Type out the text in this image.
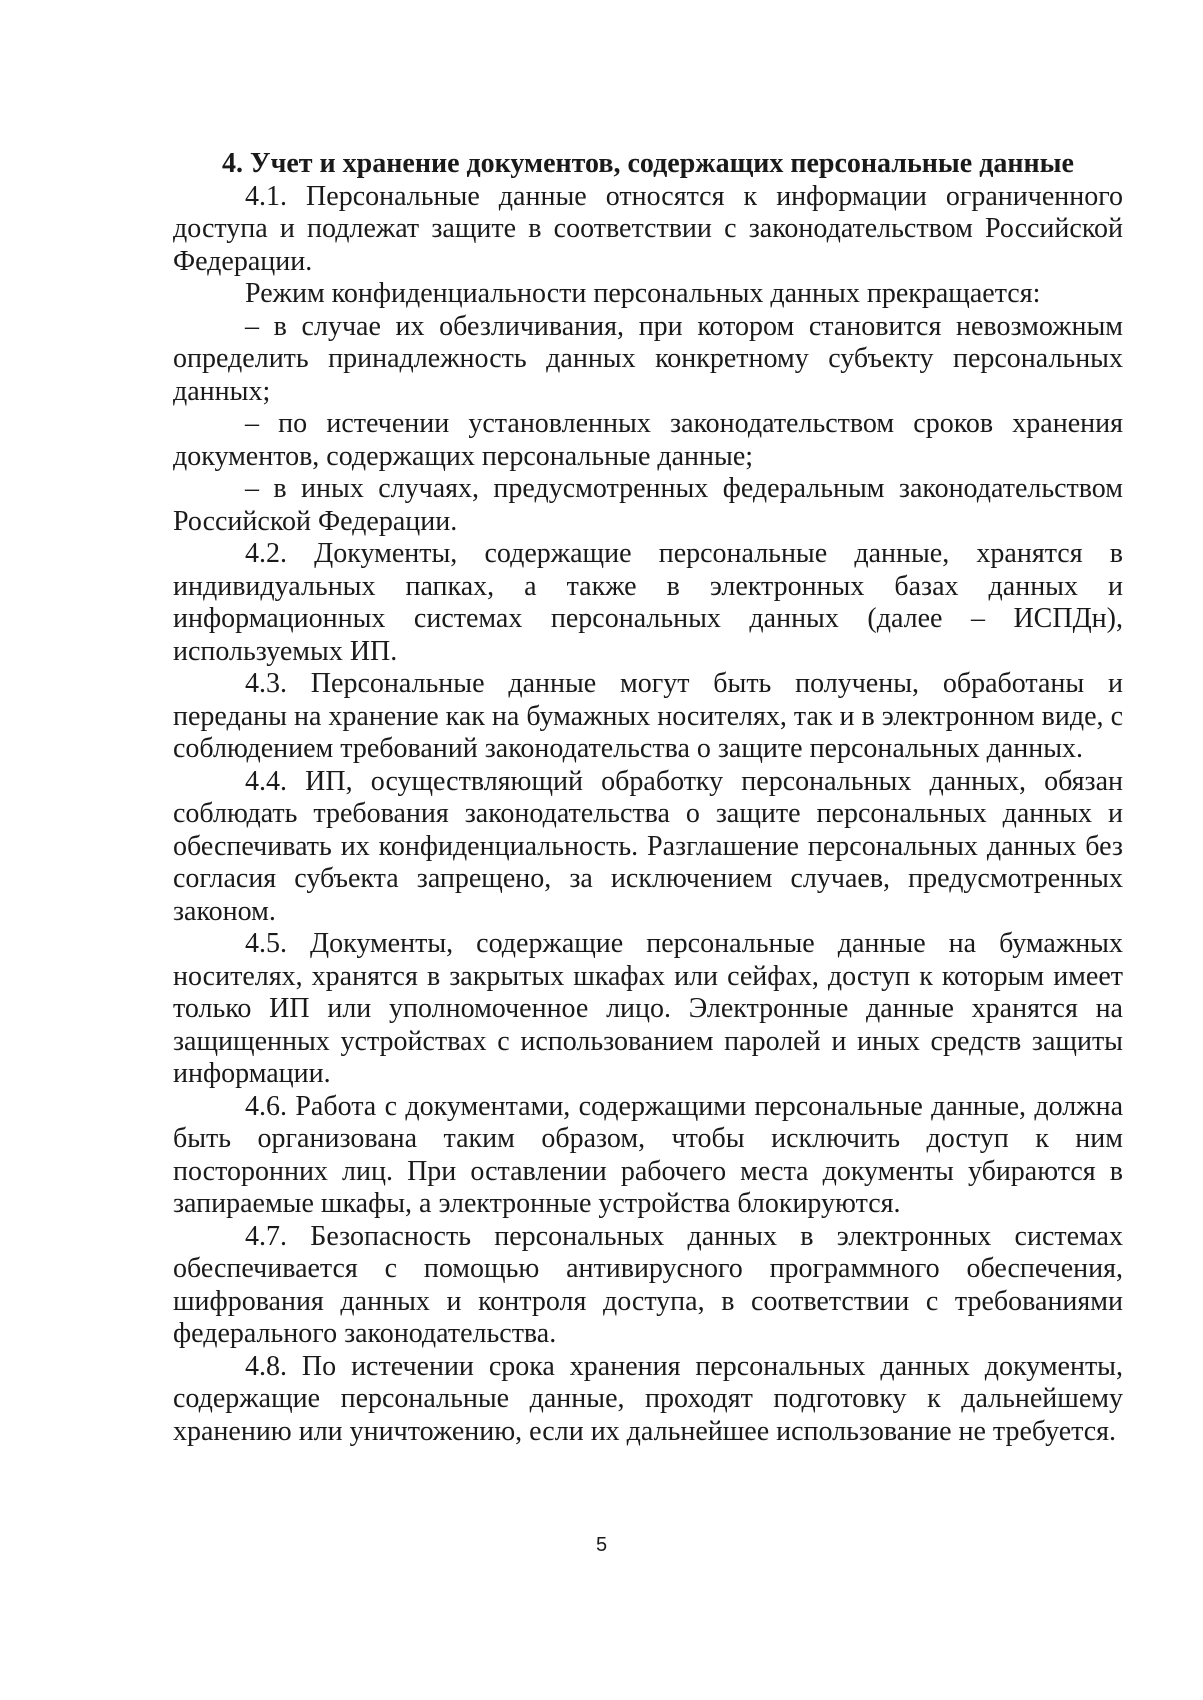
4. Учет и хранение документов, содержащих персональные данные

4.1. Персональные данные относятся к информации ограниченного доступа и подлежат защите в соответствии с законодательством Российской Федерации.

Режим конфиденциальности персональных данных прекращается:

– в случае их обезличивания, при котором становится невозможным определить принадлежность данных конкретному субъекту персональных данных;

– по истечении установленных законодательством сроков хранения документов, содержащих персональные данные;

– в иных случаях, предусмотренных федеральным законодательством Российской Федерации.

4.2. Документы, содержащие персональные данные, хранятся в индивидуальных папках, а также в электронных базах данных и информационных системах персональных данных (далее – ИСПДн), используемых ИП.

4.3. Персональные данные могут быть получены, обработаны и переданы на хранение как на бумажных носителях, так и в электронном виде, с соблюдением требований законодательства о защите персональных данных.

4.4. ИП, осуществляющий обработку персональных данных, обязан соблюдать требования законодательства о защите персональных данных и обеспечивать их конфиденциальность. Разглашение персональных данных без согласия субъекта запрещено, за исключением случаев, предусмотренных законом.

4.5. Документы, содержащие персональные данные на бумажных носителях, хранятся в закрытых шкафах или сейфах, доступ к которым имеет только ИП или уполномоченное лицо. Электронные данные хранятся на защищенных устройствах с использованием паролей и иных средств защиты информации.

4.6. Работа с документами, содержащими персональные данные, должна быть организована таким образом, чтобы исключить доступ к ним посторонних лиц. При оставлении рабочего места документы убираются в запираемые шкафы, а электронные устройства блокируются.

4.7. Безопасность персональных данных в электронных системах обеспечивается с помощью антивирусного программного обеспечения, шифрования данных и контроля доступа, в соответствии с требованиями федерального законодательства.

4.8. По истечении срока хранения персональных данных документы, содержащие персональные данные, проходят подготовку к дальнейшему хранению или уничтожению, если их дальнейшее использование не требуется.

5
